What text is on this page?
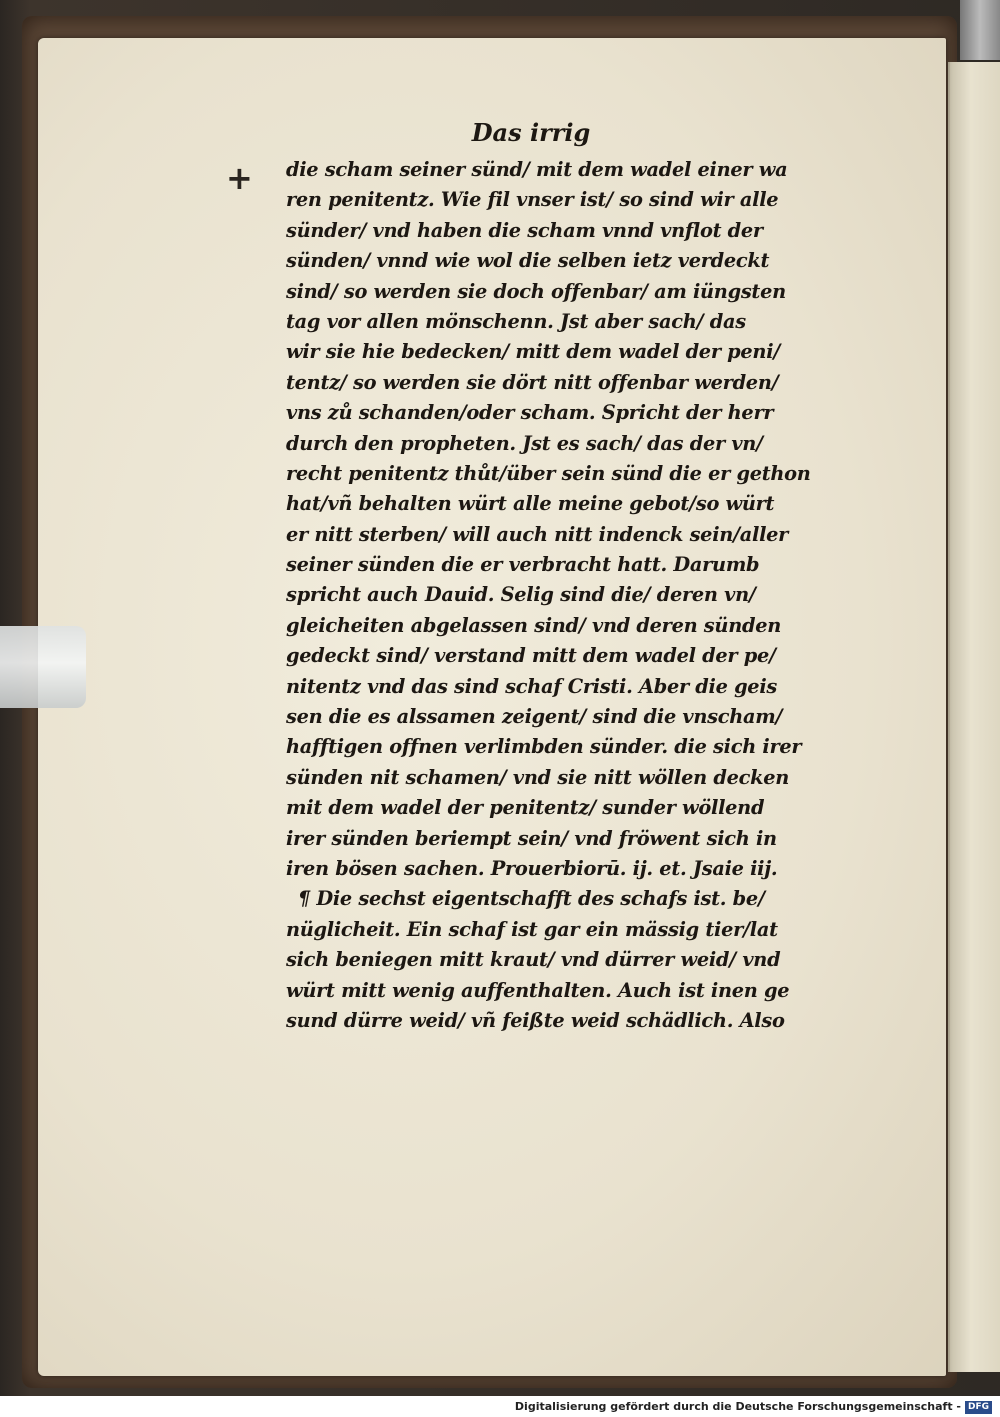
Das irrig
+ die scham seiner sünd/ mit dem wadel einer wa
ren penitentz. Wie fil vnser ist/ so sind wir alle
sünder/ vnd haben die scham vnnd vnflot der
sünden/ vnnd wie wol die selben ietz verdeckt
sind/ so werden sie doch offenbar/ am iüngsten
tag vor allen mönschenn. Jst aber sach/ das
wir sie hie bedecken/ mitt dem wadel der peni/
tentz/ so werden sie dört nitt offenbar werden/
vns zů schanden/oder scham. Spricht der herr
durch den propheten. Jst es sach/ das der vn/
recht penitentz thůt/über sein sünd die er gethon
hat/vñ behalten würt alle meine gebot/so würt
er nitt sterben/ will auch nitt indenck sein/aller
seiner sünden die er verbracht hatt. Darumb
spricht auch Dauid. Selig sind die/ deren vn/
gleicheiten abgelassen sind/ vnd deren sünden
gedeckt sind/ verstand mitt dem wadel der pe/
nitentz vnd das sind schaf Cristi. Aber die geis
sen die es alssamen zeigent/ sind die vnscham/
hafftigen offnen verlimbden sünder. die sich irer
sünden nit schamen/ vnd sie nitt wöllen decken
mit dem wadel der penitentz/ sunder wöllend
irer sünden beriempt sein/ vnd fröwent sich in
iren bösen sachen. Prouerbiorū. ij. et. Jsaie iij.
¶ Die sechst eigentschafft des schafs ist. be/
nüglicheit. Ein schaf ist gar ein mässig tier/lat
sich beniegen mitt kraut/ vnd dürrer weid/ vnd
würt mitt wenig auffenthalten. Auch ist inen ge
sund dürre weid/ vñ feißte weid schädlich. Also
Digitalisierung gefördert durch die Deutsche Forschungsgemeinschaft - DFG
